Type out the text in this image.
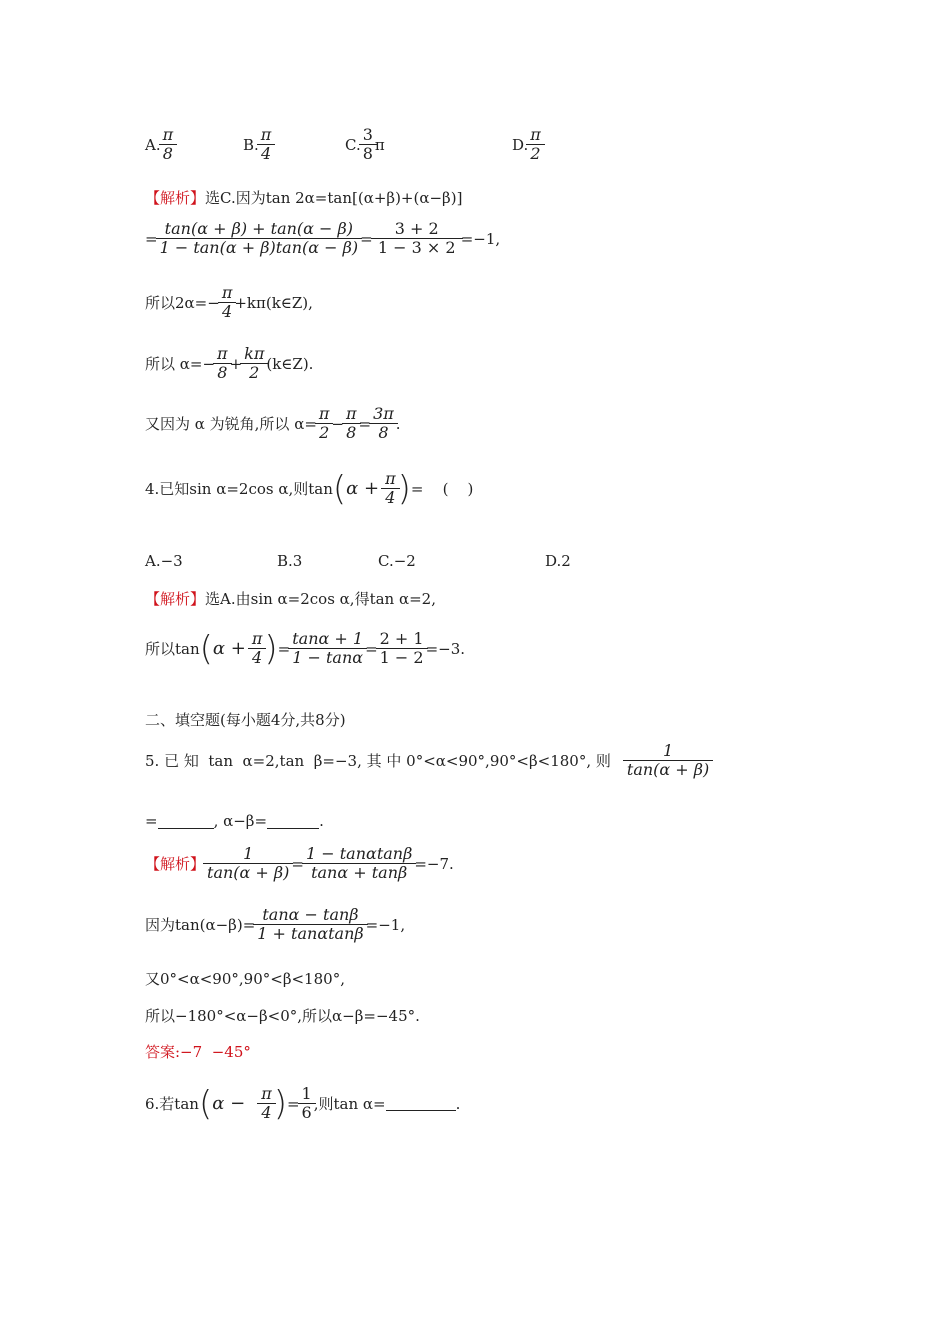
A. $\frac{\pi}{8}$	B. $\frac{\pi}{4}$	C. $\frac{3}{8}$ π	D. $\frac{\pi}{2}$
【解析】 选C.因为tan 2α=tan[(α+β)+(α−β)]
= $\frac{\tan(\alpha + \beta) + \tan(\alpha - \beta)}{1 - \tan(\alpha + \beta)\tan(\alpha - \beta)} = \frac{3 + 2}{1 - 3 \times 2} =-1$,
所以$2\alpha=- \frac{\pi}{4}$ +kπ(k∈Z),
所以 $\alpha=- \frac{\pi}{8} + \frac{k\pi}{2}$ (k∈Z).
又因为 α 为锐角,所以 $\alpha= \frac{\pi}{2} - \frac{\pi}{8} = \frac{3\pi}{8}$ .
4.已知sin α=2cos α,则tan ( $\alpha + \frac{\pi}{4}$ ) =    (    )
A.−3	B.3	C.−2	D.2
【解析】 选A.由sin α=2cos α,得tan α=2,
所以tan ( $\alpha + \frac{\pi}{4}$ ) = $\frac{\tan\alpha + 1}{1 - \tan\alpha} = \frac{2 + 1}{1 - 2} =-3$.
二、填空题(每小题4分,共8分)
5. 已 知  tan  α=2,tan  β=−3, 其 中 0°<α<90°,90°<β<180°, 则 $\frac{1}{\tan(\alpha + \beta)}$
=	, α−β=	.
【解析】 $\frac{1}{\tan(\alpha + \beta)} = \frac{1 - \tan\alpha\tan\beta}{\tan\alpha + \tan\beta} =-7$.
因为$\tan(\alpha-\beta)= \frac{\tan\alpha - \tan\beta}{1 + \tan\alpha\tan\beta} =-1$,
又0°<α<90°,90°<β<180°,
所以−180°<α−β<0°,所以α−β=−45°.
答案:−7  −45°
6.若tan ( $\alpha - \frac{\pi}{4}$ ) = $\frac{1}{6}$ ,则tan α=	.
